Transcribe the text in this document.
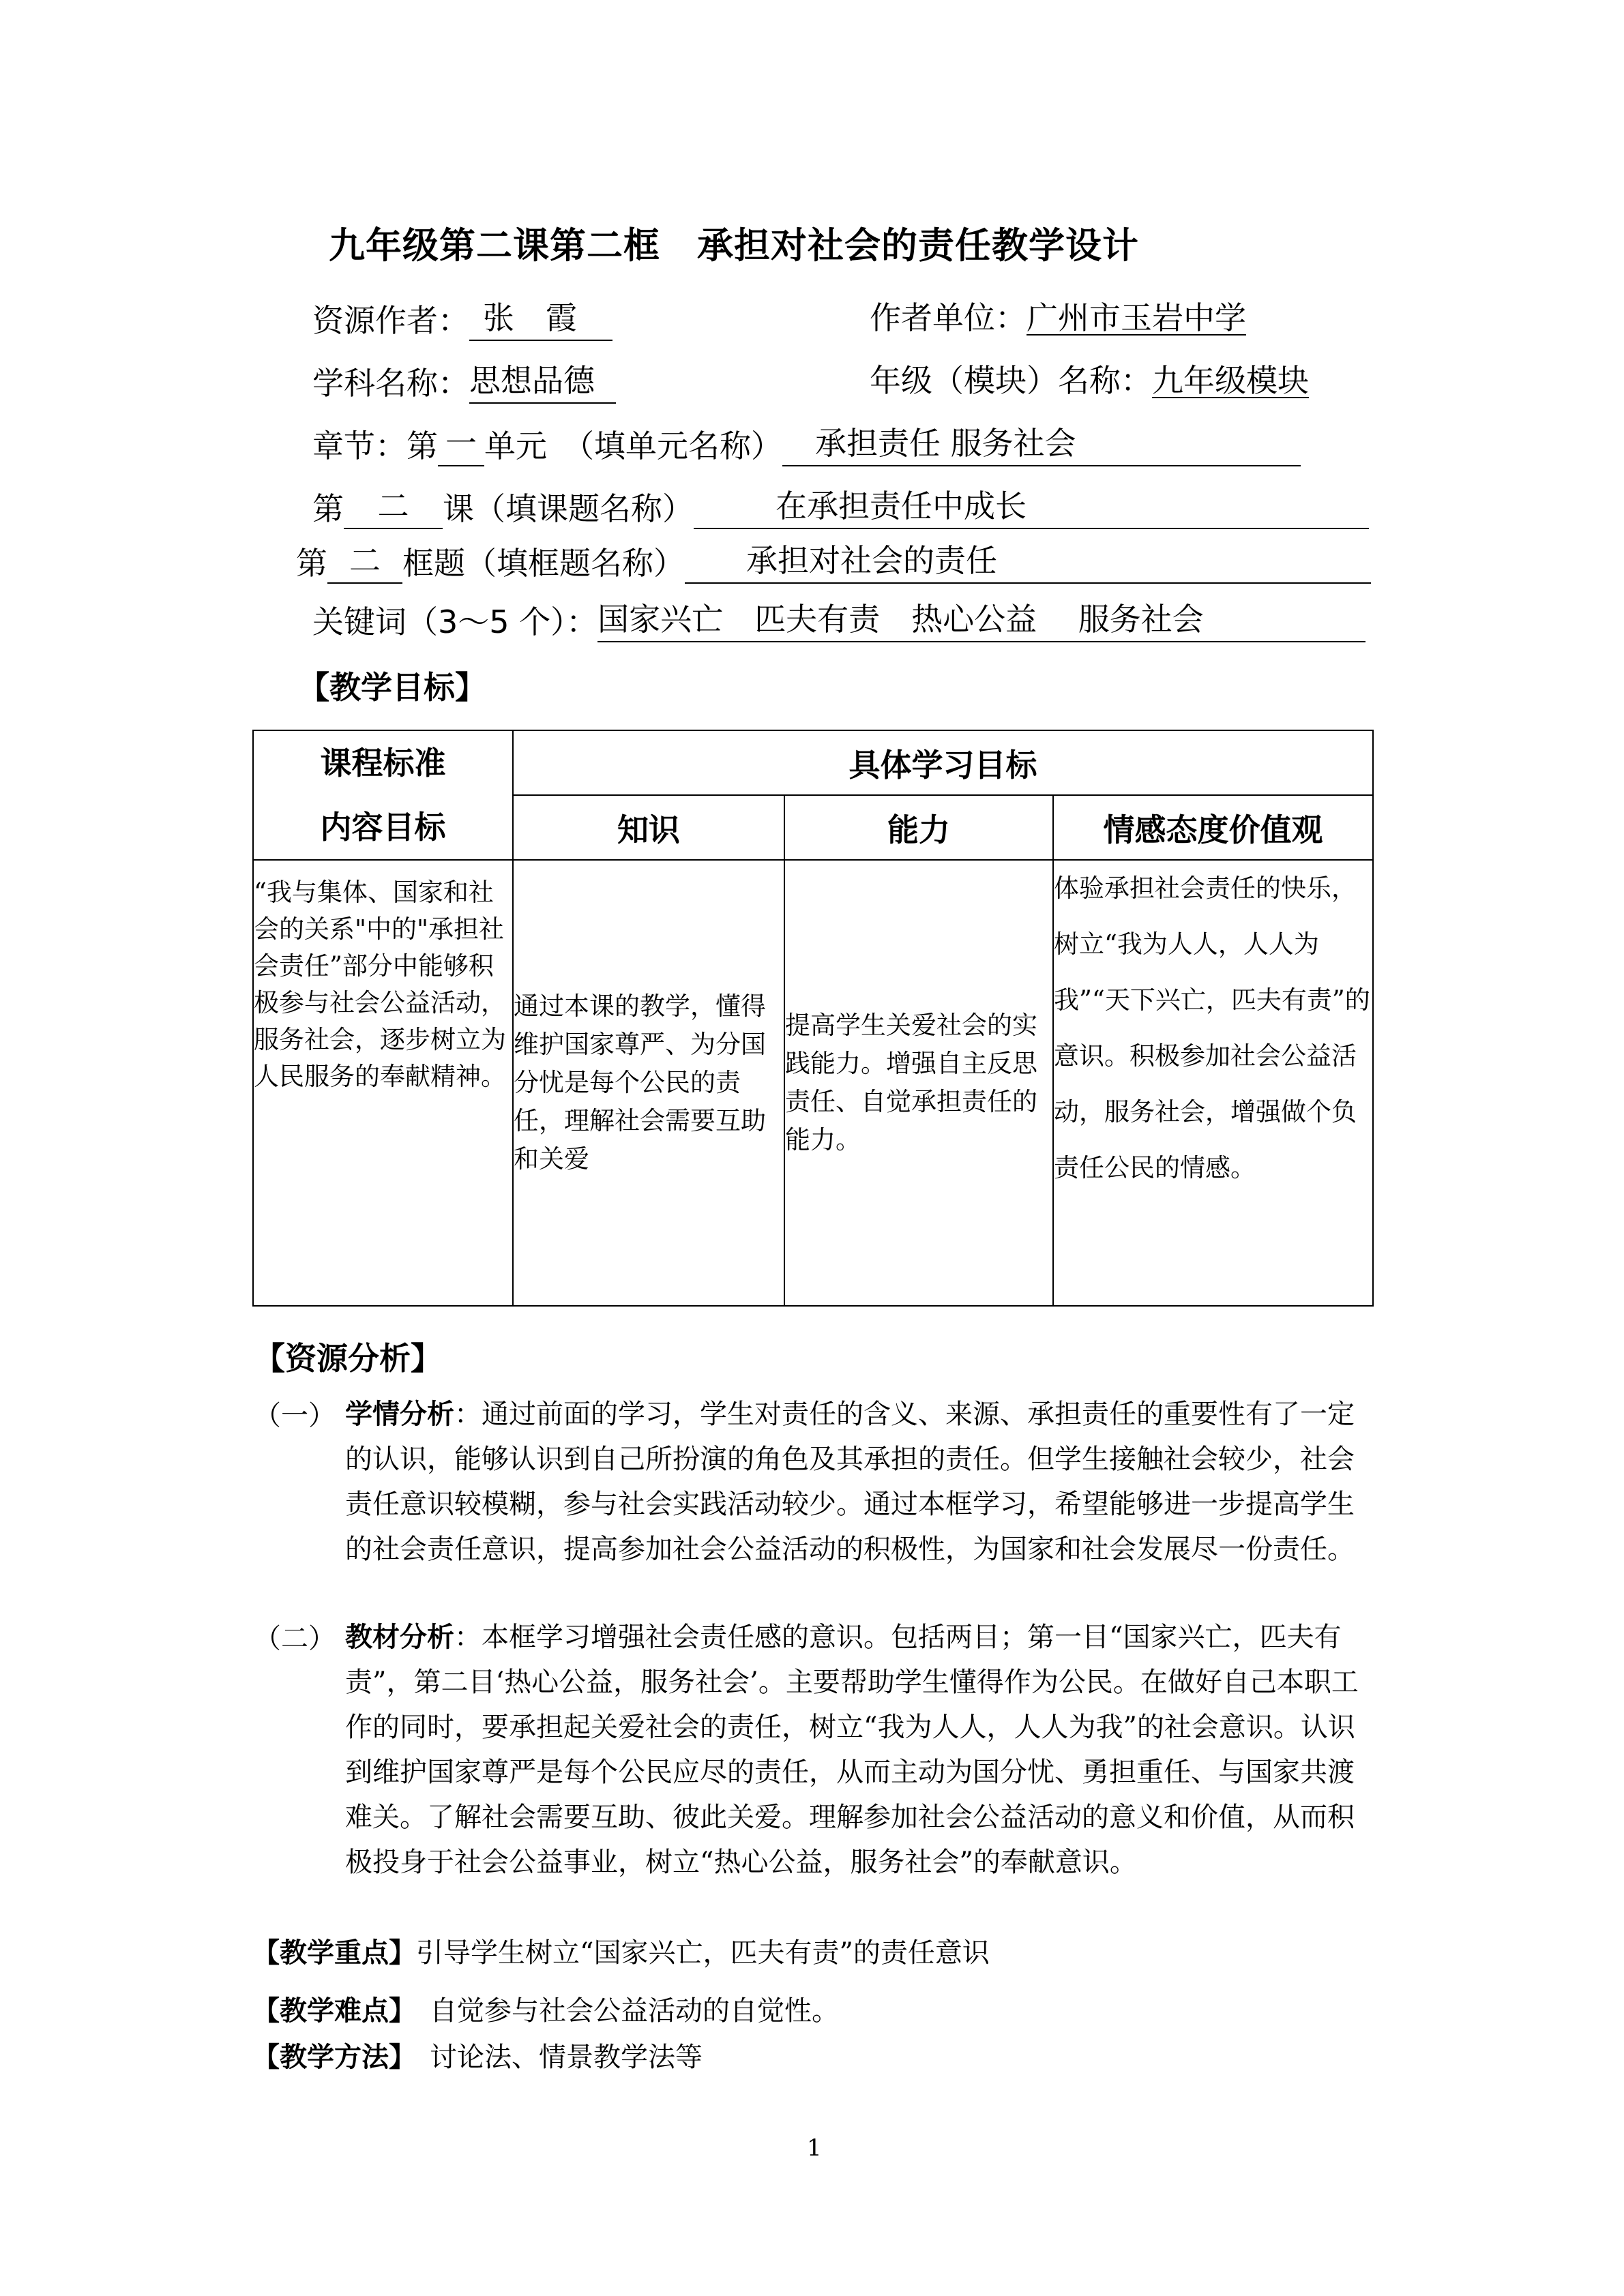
九年级第二课第二框　承担对社会的责任教学设计
资源作者： 张　霞	作者单位：广州市玉岩中学
学科名称：思想品德	年级（模块）名称：九年级模块
章节：第 一 单元　（填单元名称） 承担责任 服务社会
第 二 课（填课题名称）	在承担责任中成长
第 二 框题（填框题名称） 承担对社会的责任
关键词（3～5 个）：国家兴亡　匹夫有责　热心公益　 服务社会
【教学目标】
课程标准
内容目标	具体学习目标		
	知识	能力	情感态度价值观
“我与集体、国家和社会的关系"中的"承担社会责任”部分中能够积极参与社会公益活动，服务社会，逐步树立为人民服务的奉献精神。	通过本课的教学，懂得维护国家尊严、为分国分忧是每个公民的责任，理解社会需要互助和关爱	提高学生关爱社会的实践能力。增强自主反思责任、自觉承担责任的能力。	体验承担社会责任的快乐，树立“我为人人，人人为我”“天下兴亡，匹夫有责”的意识。积极参加社会公益活动，服务社会，增强做个负责任公民的情感。
【资源分析】
（一） 学情分析：通过前面的学习，学生对责任的含义、来源、承担责任的重要性有了一定的认识，能够认识到自己所扮演的角色及其承担的责任。但学生接触社会较少，社会责任意识较模糊，参与社会实践活动较少。通过本框学习，希望能够进一步提高学生的社会责任意识，提高参加社会公益活动的积极性，为国家和社会发展尽一份责任。
（二） 教材分析：本框学习增强社会责任感的意识。包括两目；第一目“国家兴亡，匹夫有责”，第二目‘热心公益，服务社会’。主要帮助学生懂得作为公民。在做好自己本职工作的同时，要承担起关爱社会的责任，树立“我为人人，人人为我”的社会意识。认识到维护国家尊严是每个公民应尽的责任，从而主动为国分忧、勇担重任、与国家共渡难关。了解社会需要互助、彼此关爱。理解参加社会公益活动的意义和价值，从而积极投身于社会公益事业，树立“热心公益，服务社会”的奉献意识。
【教学重点】引导学生树立“国家兴亡，匹夫有责”的责任意识
【教学难点】 自觉参与社会公益活动的自觉性。
【教学方法】 讨论法、情景教学法等
1
